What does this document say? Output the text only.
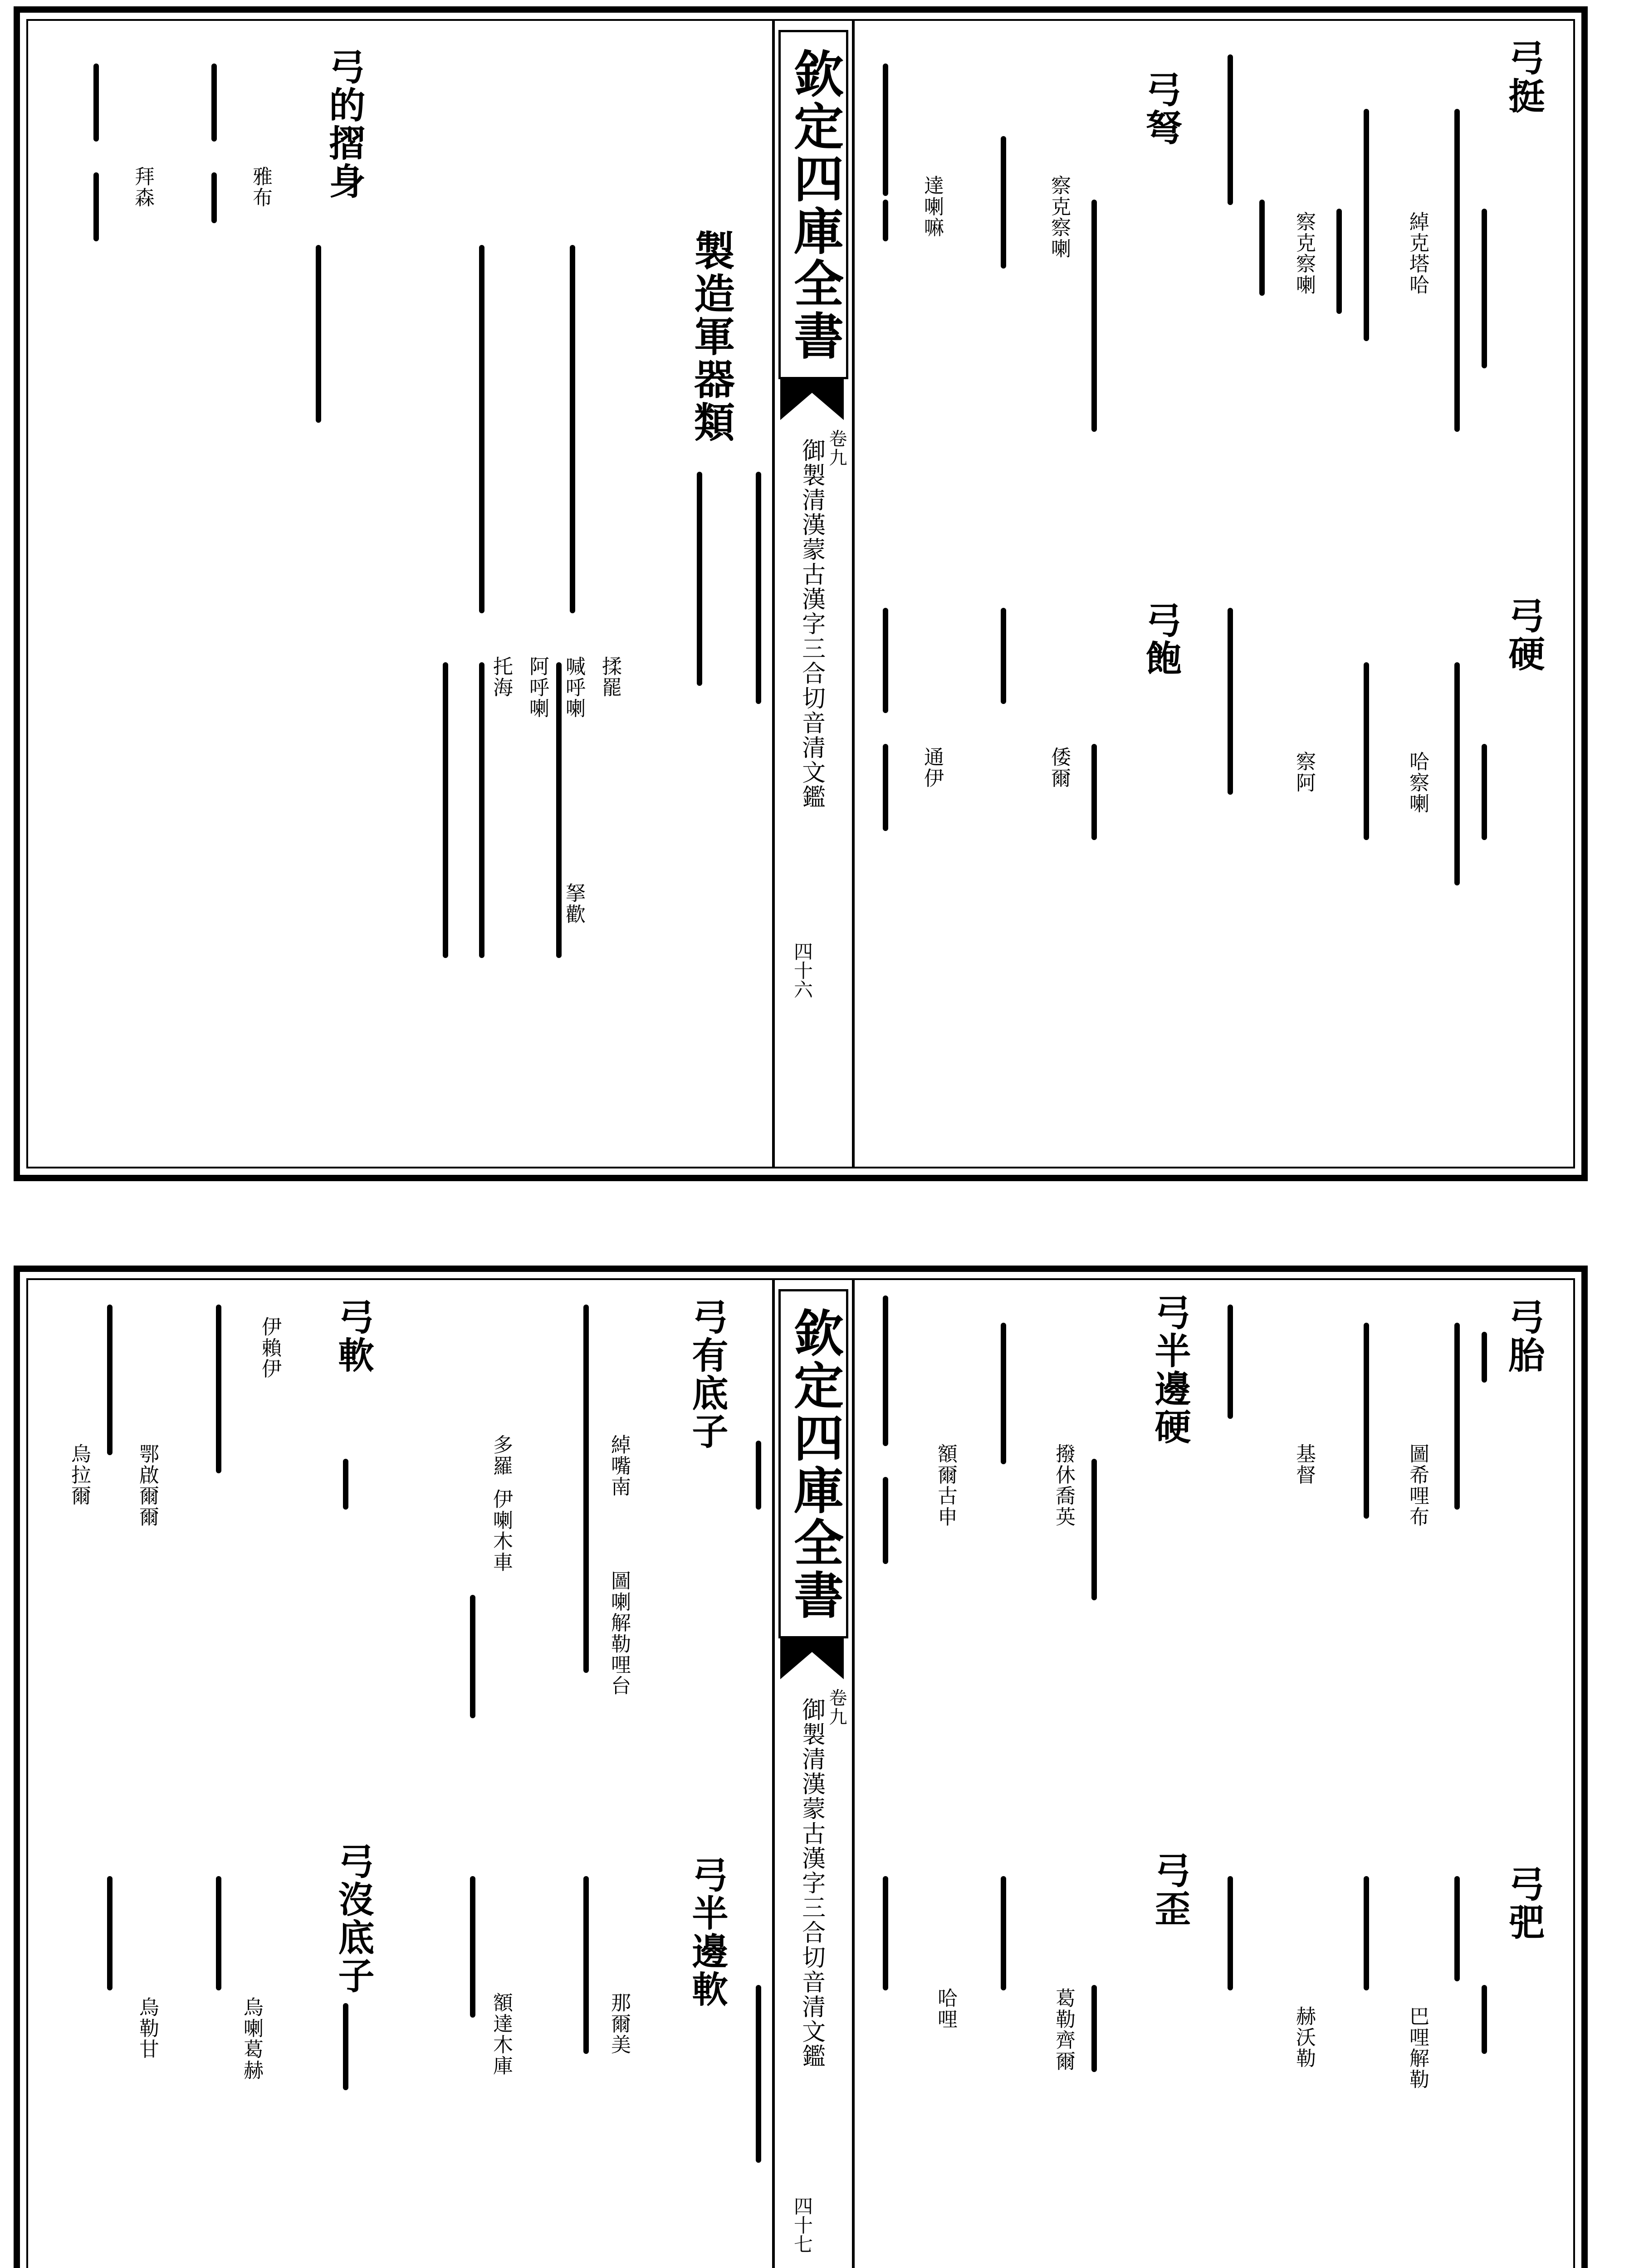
欽定四庫全書
卷九
御製清漢蒙古漢字三合切音清文鑑
四十六
弓挺
綽克塔哈
察克察喇
弓硬
哈察喇
察阿
弓弩
察克察喇
達喇嘛
弓飽
倭爾
通伊
製造軍器類
弓的摺身
雅布
拜森
揉罷
托海 阿呼喇 喊呼喇
拏歡
欽定四庫全書
卷九
御製清漢蒙古漢字三合切音清文鑑
四十七
弓胎
圖希哩布
基督
弓半邊硬
撥休喬英
額爾古申
弓弝
巴哩解勒
赫沃勒
弓歪
葛勒齊爾
哈哩
弓有底子
綽嘴南
圖喇解勒哩台
多羅
伊喇木車
弓半邊軟
那爾美
額達木庫
弓軟
伊賴伊
鄂啟爾爾
烏拉爾
弓沒底子
烏喇葛赫
烏勒甘
